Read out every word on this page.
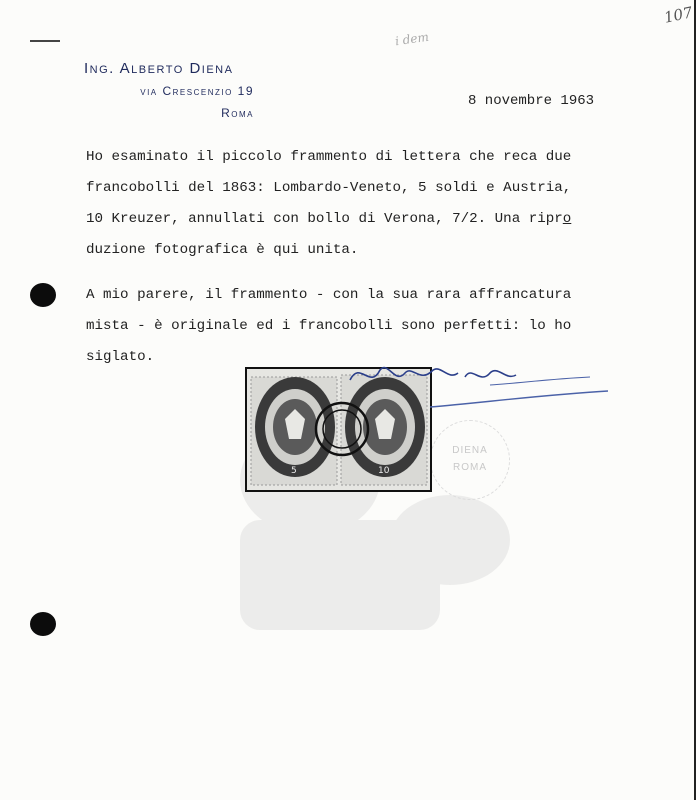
107
i dem
Ing. Alberto Diena
via Crescenzio 19
Roma
8 novembre 1963

Ho esaminato il piccolo frammento di lettera che reca due
francobolli del 1863: Lombardo-Veneto, 5 soldi e Austria,
10 Kreuzer, annullati con bollo di Verona, 7/2. Una ripro
duzione fotografica è qui unita.

A mio parere, il frammento - con la sua rara affrancatura
mista - è originale ed i francobolli sono perfetti: lo ho
siglato.

DIENA
ROMA
5	10
